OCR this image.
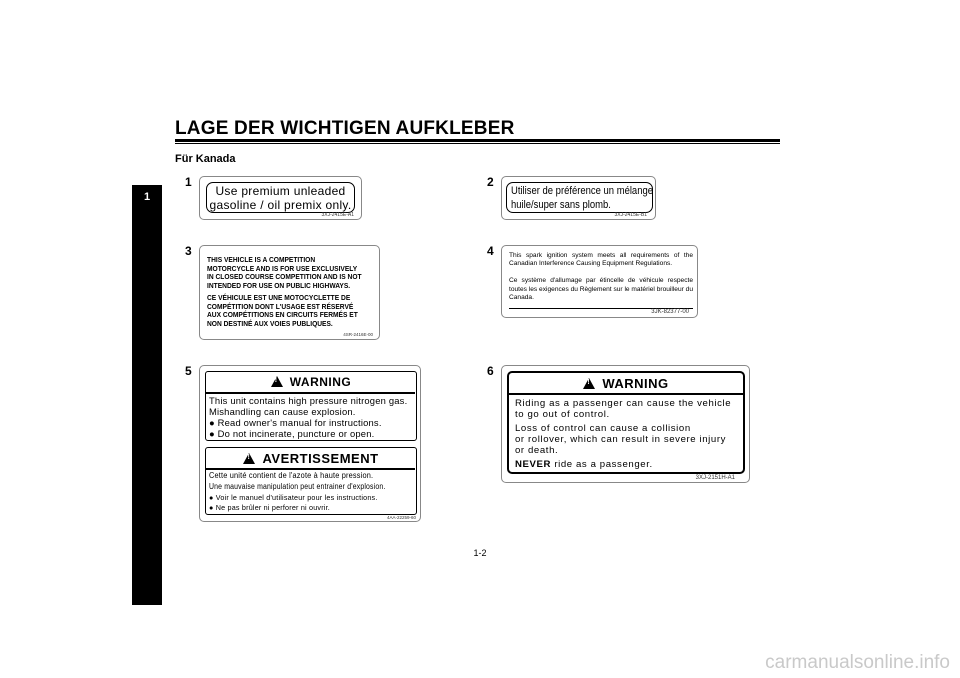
LAGE DER WICHTIGEN AUFKLEBER
Für Kanada
1
1
Use premium unleaded
gasoline / oil premix only.
3XJ-2415E-A1
2
Utiliser de préférence un mélange
huile/super sans plomb.
3XJ-2415E-B1
3
THIS VEHICLE IS A COMPETITION
MOTORCYCLE AND IS FOR USE EXCLUSIVELY
IN CLOSED COURSE COMPETITION AND IS NOT
INTENDED FOR USE ON PUBLIC HIGHWAYS.
CE VÉHICULE EST UNE MOTOCYCLETTE DE
COMPÉTITION DONT L'USAGE EST RÉSERVÉ
AUX COMPÉTITIONS EN CIRCUITS FERMÉS ET
NON DESTINÉ AUX VOIES PUBLIQUES.
4SR-2416E-00
4 This spark ignition system meets all requirements of the Canadian Interference Causing Equipment Regulations.
Ce système d'allumage par étincelle de véhicule respecte toutes les exigences du Règlement sur le matériel brouilleur du Canada.
3JK-82377-00
5
!WARNING
This unit contains high pressure nitrogen gas.
Mishandling can cause explosion.
● Read owner's manual for instructions.
● Do not incinerate, puncture or open.
!AVERTISSEMENT
Cette unité contient de l'azote à haute pression.
Une mauvaise manipulation peut entrainer d'explosion.
● Voir le manuel d'utilisateur pour les instructions.
● Ne pas brûler ni perforer ni ouvrir.
4AA-22259-60
6
!WARNING
Riding as a passenger can cause the vehicle
to go out of control.
Loss of control can cause a collision
or rollover, which can result in severe injury
or death.
NEVER ride as a passenger.
3XJ-2151H-A1
1-2
carmanualsonline.info
